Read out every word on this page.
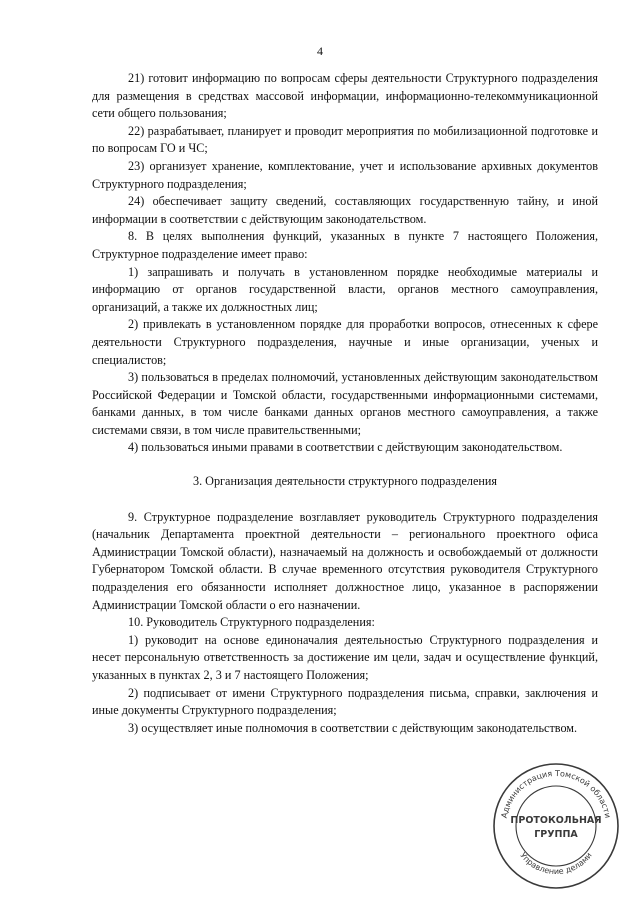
4

21) готовит информацию по вопросам сферы деятельности Структурного подразделения для размещения в средствах массовой информации, информационно-телекоммуникационной сети общего пользования;

22) разрабатывает, планирует и проводит мероприятия по мобилизационной подготовке и по вопросам ГО и ЧС;

23) организует хранение, комплектование, учет и использование архивных документов Структурного подразделения;

24) обеспечивает защиту сведений, составляющих государственную тайну, и иной информации в соответствии с действующим законодательством.

8. В целях выполнения функций, указанных в пункте 7 настоящего Положения, Структурное подразделение имеет право:

1) запрашивать и получать в установленном порядке необходимые материалы и информацию от органов государственной власти, органов местного самоуправления, организаций, а также их должностных лиц;

2) привлекать в установленном порядке для проработки вопросов, отнесенных к сфере деятельности Структурного подразделения, научные и иные организации, ученых и специалистов;

3) пользоваться в пределах полномочий, установленных действующим законодательством Российской Федерации и Томской области, государственными информационными системами, банками данных, в том числе банками данных органов местного самоуправления, а также системами связи, в том числе правительственными;

4) пользоваться иными правами в соответствии с действующим законодательством.

3. Организация деятельности структурного подразделения

9. Структурное подразделение возглавляет руководитель Структурного подразделения (начальник Департамента проектной деятельности – регионального проектного офиса Администрации Томской области), назначаемый на должность и освобождаемый от должности Губернатором Томской области. В случае временного отсутствия руководителя Структурного подразделения его обязанности исполняет должностное лицо, указанное в распоряжении Администрации Томской области о его назначении.

10. Руководитель Структурного подразделения:

1) руководит на основе единоначалия деятельностью Структурного подразделения и несет персональную ответственность за достижение им цели, задач и осуществление функций, указанных в пунктах 2, 3 и 7 настоящего Положения;

2) подписывает от имени Структурного подразделения письма, справки, заключения и иные документы Структурного подразделения;

3) осуществляет иные полномочия в соответствии с действующим законодательством.

Администрация Томской области
Управление делами
ПРОТОКОЛЬНАЯ
ГРУППА
